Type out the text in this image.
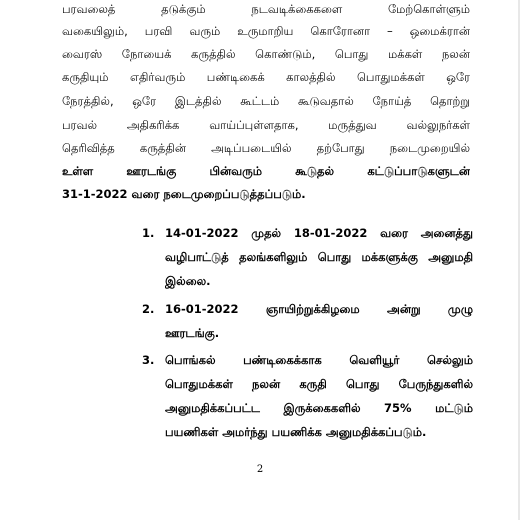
பரவலைத் தடுக்கும் நடவடிக்கைகளை மேற்கொள்ளும்
வகையிலும், பரவி வரும் உருமாறிய கொரோனா – ஒமைக்ரான்
வைரஸ் நோயைக் கருத்தில் கொண்டும், பொது மக்கள் நலன்
கருதியும் எதிர்வரும் பண்டிகைக் காலத்தில் பொதுமக்கள் ஒரே
நேரத்தில், ஒரே இடத்தில் கூட்டம் கூடுவதால் நோய்த் தொற்று
பரவல் அதிகரிக்க வாய்ப்புள்ளதாக, மருத்துவ வல்லுநர்கள்
தெரிவித்த கருத்தின் அடிப்படையில் தற்போது நடைமுறையில்
உள்ள ஊரடங்கு பின்வரும் கூடுதல் கட்டுப்பாடுகளுடன்
31-1-2022 வரை நடைமுறைப்படுத்தப்படும்.
1. 14-01-2022 முதல் 18-01-2022 வரை அனைத்து
வழிபாட்டுத் தலங்களிலும் பொது மக்களுக்கு அனுமதி
இல்லை.
2. 16-01-2022 ஞாயிற்றுக்கிழமை அன்று முழு
ஊரடங்கு.
3. பொங்கல் பண்டிகைக்காக வெளியூர் செல்லும்
பொதுமக்கள் நலன் கருதி பொது பேருந்துகளில்
அனுமதிக்கப்பட்ட இருக்கைகளில் 75% மட்டும்
பயணிகள் அமர்ந்து பயணிக்க அனுமதிக்கப்படும்.
2
